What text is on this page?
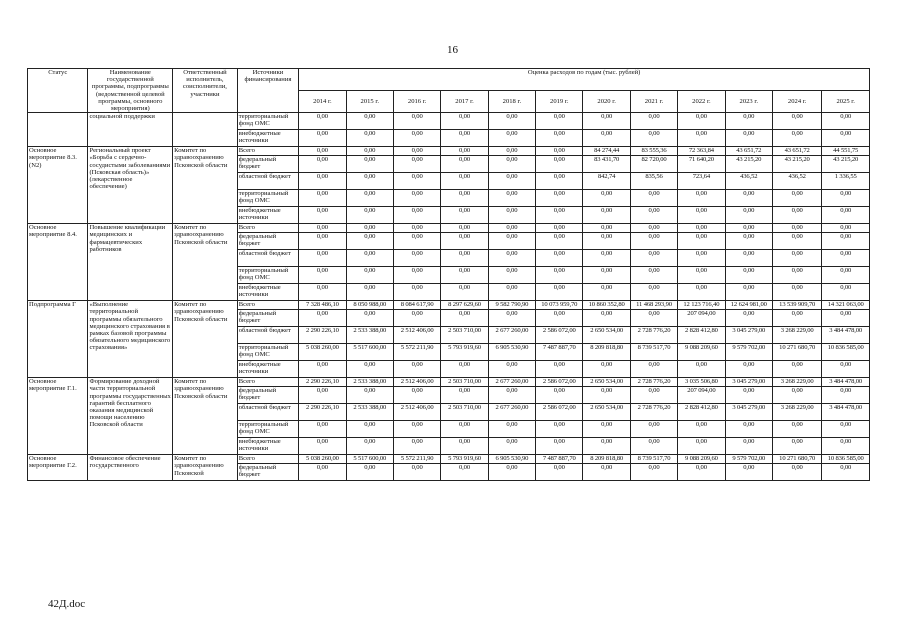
16
Статус	Наименование государственной программы, подпрограммы (ведомственной целевой программы, основного мероприятия)	Ответственный исполнитель, соисполнители, участники	Источники финансирования	Оценка расходов по годам (тыс. рублей)											
				2014 г.	2015 г.	2016 г.	2017 г.	2018 г.	2019 г.	2020 г.	2021 г.	2022 г.	2023 г.	2024 г.	2025 г.
	социальной поддержки		территориальный фонд ОМС	0,00	0,00	0,00	0,00	0,00	0,00	0,00	0,00	0,00	0,00	0,00	0,00
			внебюджетные источники	0,00	0,00	0,00	0,00	0,00	0,00	0,00	0,00	0,00	0,00	0,00	0,00
Основное мероприятие 8.3.(N2)	Региональный проект «Борьба с сердечно-сосудистыми заболеваниями (Псковская область)» (лекарственное обеспечение)	Комитет по здравоохранению Псковской области	Всего	0,00	0,00	0,00	0,00	0,00	0,00	84 274,44	83 555,36	72 363,84	43 651,72	43 651,72	44 551,75
			федеральный бюджет	0,00	0,00	0,00	0,00	0,00	0,00	83 431,70	82 720,00	71 640,20	43 215,20	43 215,20	43 215,20
			областной бюджет	0,00	0,00	0,00	0,00	0,00	0,00	842,74	835,56	723,64	436,52	436,52	1 336,55
			территориальный фонд ОМС	0,00	0,00	0,00	0,00	0,00	0,00	0,00	0,00	0,00	0,00	0,00	0,00
			внебюджетные источники	0,00	0,00	0,00	0,00	0,00	0,00	0,00	0,00	0,00	0,00	0,00	0,00
Основное мероприятие 8.4.	Повышение квалификации медицинских и фармацевтических работников	Комитет по здравоохранению Псковской области	Всего	0,00	0,00	0,00	0,00	0,00	0,00	0,00	0,00	0,00	0,00	0,00	0,00
			федеральный бюджет	0,00	0,00	0,00	0,00	0,00	0,00	0,00	0,00	0,00	0,00	0,00	0,00
			областной бюджет	0,00	0,00	0,00	0,00	0,00	0,00	0,00	0,00	0,00	0,00	0,00	0,00
			территориальный фонд ОМС	0,00	0,00	0,00	0,00	0,00	0,00	0,00	0,00	0,00	0,00	0,00	0,00
			внебюджетные источники	0,00	0,00	0,00	0,00	0,00	0,00	0,00	0,00	0,00	0,00	0,00	0,00
Подпрограмма Г	«Выполнение территориальной программы обязательного медицинского страхования в рамках базовой программы обязательного медицинского страхования»	Комитет по здравоохранению Псковской области	Всего	7 328 486,10	8 050 988,00	8 084 617,90	8 297 629,60	9 582 790,90	10 073 959,70	10 860 352,80	11 468 293,90	12 123 716,40	12 624 981,00	13 539 909,70	14 321 063,00
			федеральный бюджет	0,00	0,00	0,00	0,00	0,00	0,00	0,00	0,00	207 094,00	0,00	0,00	0,00
			областной бюджет	2 290 226,10	2 533 388,00	2 512 406,00	2 503 710,00	2 677 260,00	2 586 072,00	2 650 534,00	2 728 776,20	2 828 412,80	3 045 279,00	3 268 229,00	3 484 478,00
			территориальный фонд ОМС	5 038 260,00	5 517 600,00	5 572 211,90	5 793 919,60	6 905 530,90	7 487 887,70	8 209 818,80	8 739 517,70	9 088 209,60	9 579 702,00	10 271 680,70	10 836 585,00
			внебюджетные источники	0,00	0,00	0,00	0,00	0,00	0,00	0,00	0,00	0,00	0,00	0,00	0,00
Основное мероприятие Г.1.	Формирование доходной части территориальной программы государственных гарантий бесплатного оказания медицинской помощи населению Псковской области	Комитет по здравоохранению Псковской области	Всего	2 290 226,10	2 533 388,00	2 512 406,00	2 503 710,00	2 677 260,00	2 586 072,00	2 650 534,00	2 728 776,20	3 035 506,80	3 045 279,00	3 268 229,00	3 484 478,00
			федеральный бюджет	0,00	0,00	0,00	0,00	0,00	0,00	0,00	0,00	207 094,00	0,00	0,00	0,00
			областной бюджет	2 290 226,10	2 533 388,00	2 512 406,00	2 503 710,00	2 677 260,00	2 586 072,00	2 650 534,00	2 728 776,20	2 828 412,80	3 045 279,00	3 268 229,00	3 484 478,00
			территориальный фонд ОМС	0,00	0,00	0,00	0,00	0,00	0,00	0,00	0,00	0,00	0,00	0,00	0,00
			внебюджетные источники	0,00	0,00	0,00	0,00	0,00	0,00	0,00	0,00	0,00	0,00	0,00	0,00
Основное мероприятие Г.2.	Финансовое обеспечение государственного	Комитет по здравоохранению Псковской	Всего	5 038 260,00	5 517 600,00	5 572 211,90	5 793 919,60	6 905 530,90	7 487 887,70	8 209 818,80	8 739 517,70	9 088 209,60	9 579 702,00	10 271 680,70	10 836 585,00
			федеральный бюджет	0,00	0,00	0,00	0,00	0,00	0,00	0,00	0,00	0,00	0,00	0,00	0,00
42Д.doc
